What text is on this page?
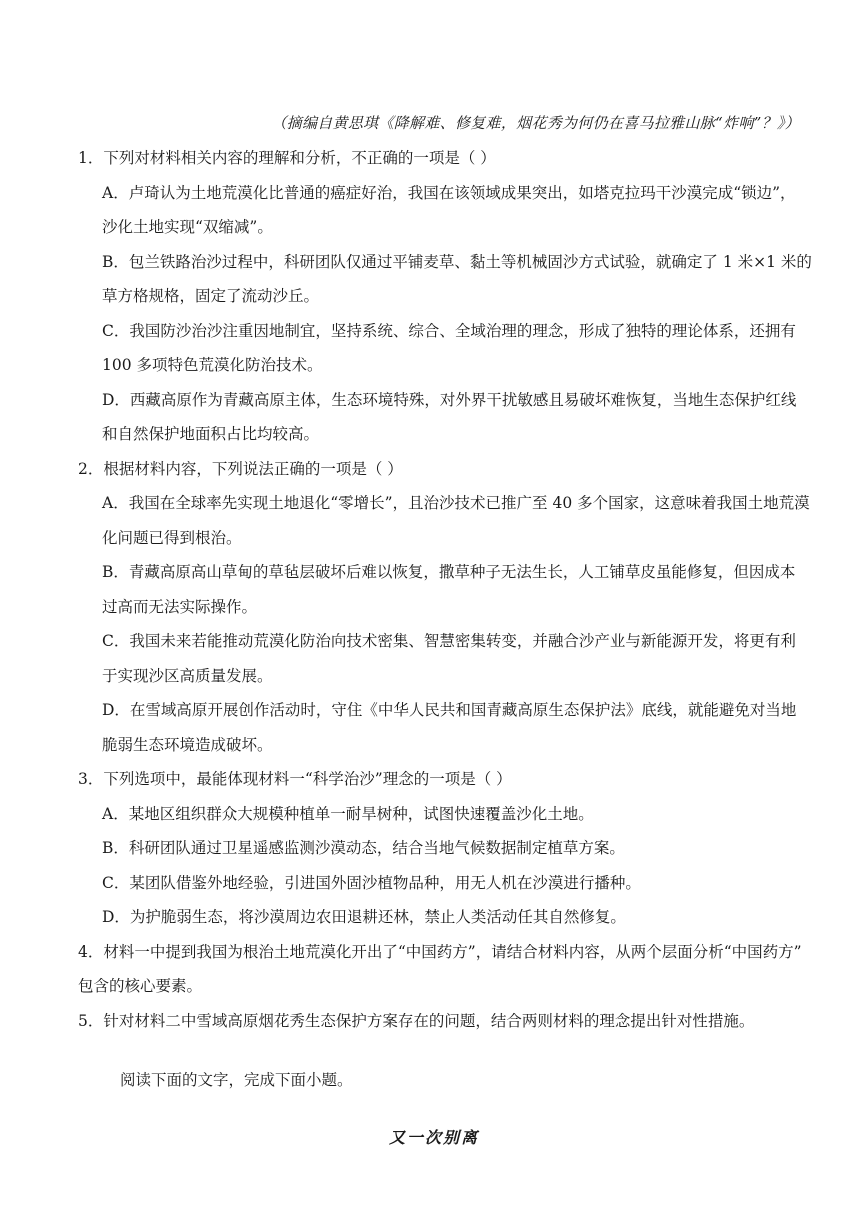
（摘编自黄思琪《降解难、修复难，烟花秀为何仍在喜马拉雅山脉“炸响”？》）
1．下列对材料相关内容的理解和分析，不正确的一项是（ ）
A．卢琦认为土地荒漠化比普通的癌症好治，我国在该领域成果突出，如塔克拉玛干沙漠完成“锁边”，
沙化土地实现“双缩减”。
B．包兰铁路治沙过程中，科研团队仅通过平铺麦草、黏土等机械固沙方式试验，就确定了 1 米×1 米的
草方格规格，固定了流动沙丘。
C．我国防沙治沙注重因地制宜，坚持系统、综合、全域治理的理念，形成了独特的理论体系，还拥有
100 多项特色荒漠化防治技术。
D．西藏高原作为青藏高原主体，生态环境特殊，对外界干扰敏感且易破坏难恢复，当地生态保护红线
和自然保护地面积占比均较高。
2．根据材料内容，下列说法正确的一项是（ ）
A．我国在全球率先实现土地退化“零增长”，且治沙技术已推广至 40 多个国家，这意味着我国土地荒漠
化问题已得到根治。
B．青藏高原高山草甸的草毡层破坏后难以恢复，撒草种子无法生长，人工铺草皮虽能修复，但因成本
过高而无法实际操作。
C．我国未来若能推动荒漠化防治向技术密集、智慧密集转变，并融合沙产业与新能源开发，将更有利
于实现沙区高质量发展。
D．在雪域高原开展创作活动时，守住《中华人民共和国青藏高原生态保护法》底线，就能避免对当地
脆弱生态环境造成破坏。
3．下列选项中，最能体现材料一“科学治沙”理念的一项是（ ）
A．某地区组织群众大规模种植单一耐旱树种，试图快速覆盖沙化土地。
B．科研团队通过卫星遥感监测沙漠动态，结合当地气候数据制定植草方案。
C．某团队借鉴外地经验，引进国外固沙植物品种，用无人机在沙漠进行播种。
D．为护脆弱生态，将沙漠周边农田退耕还林，禁止人类活动任其自然修复。
4．材料一中提到我国为根治土地荒漠化开出了“中国药方”，请结合材料内容，从两个层面分析“中国药方”
包含的核心要素。
5．针对材料二中雪域高原烟花秀生态保护方案存在的问题，结合两则材料的理念提出针对性措施。
阅读下面的文字，完成下面小题。
又一次别离
